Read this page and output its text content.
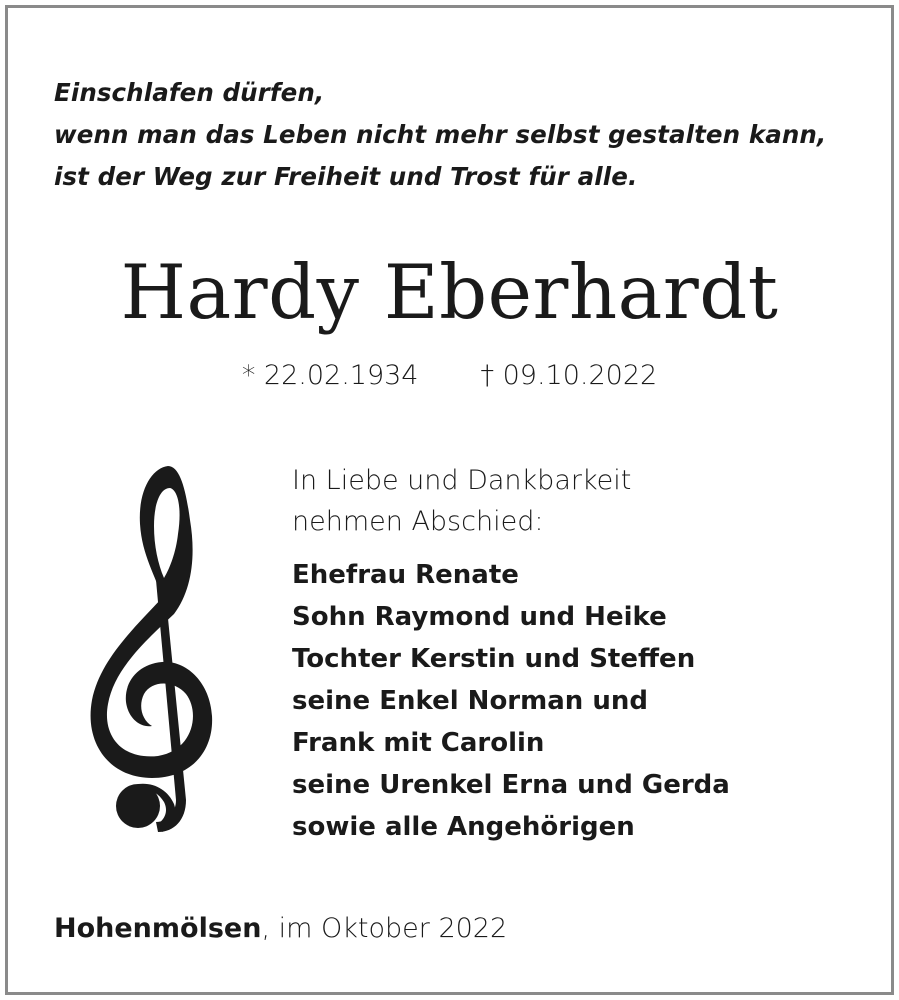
Einschlafen dürfen,
wenn man das Leben nicht mehr selbst gestalten kann,
ist der Weg zur Freiheit und Trost für alle.

Hardy Eberhardt
* 22.02.1934 † 09.10.2022
In Liebe und Dankbarkeit
nehmen Abschied:
Ehefrau Renate
Sohn Raymond und Heike
Tochter Kerstin und Steffen
seine Enkel Norman und
Frank mit Carolin
seine Urenkel Erna und Gerda
sowie alle Angehörigen
Hohenmölsen, im Oktober 2022
